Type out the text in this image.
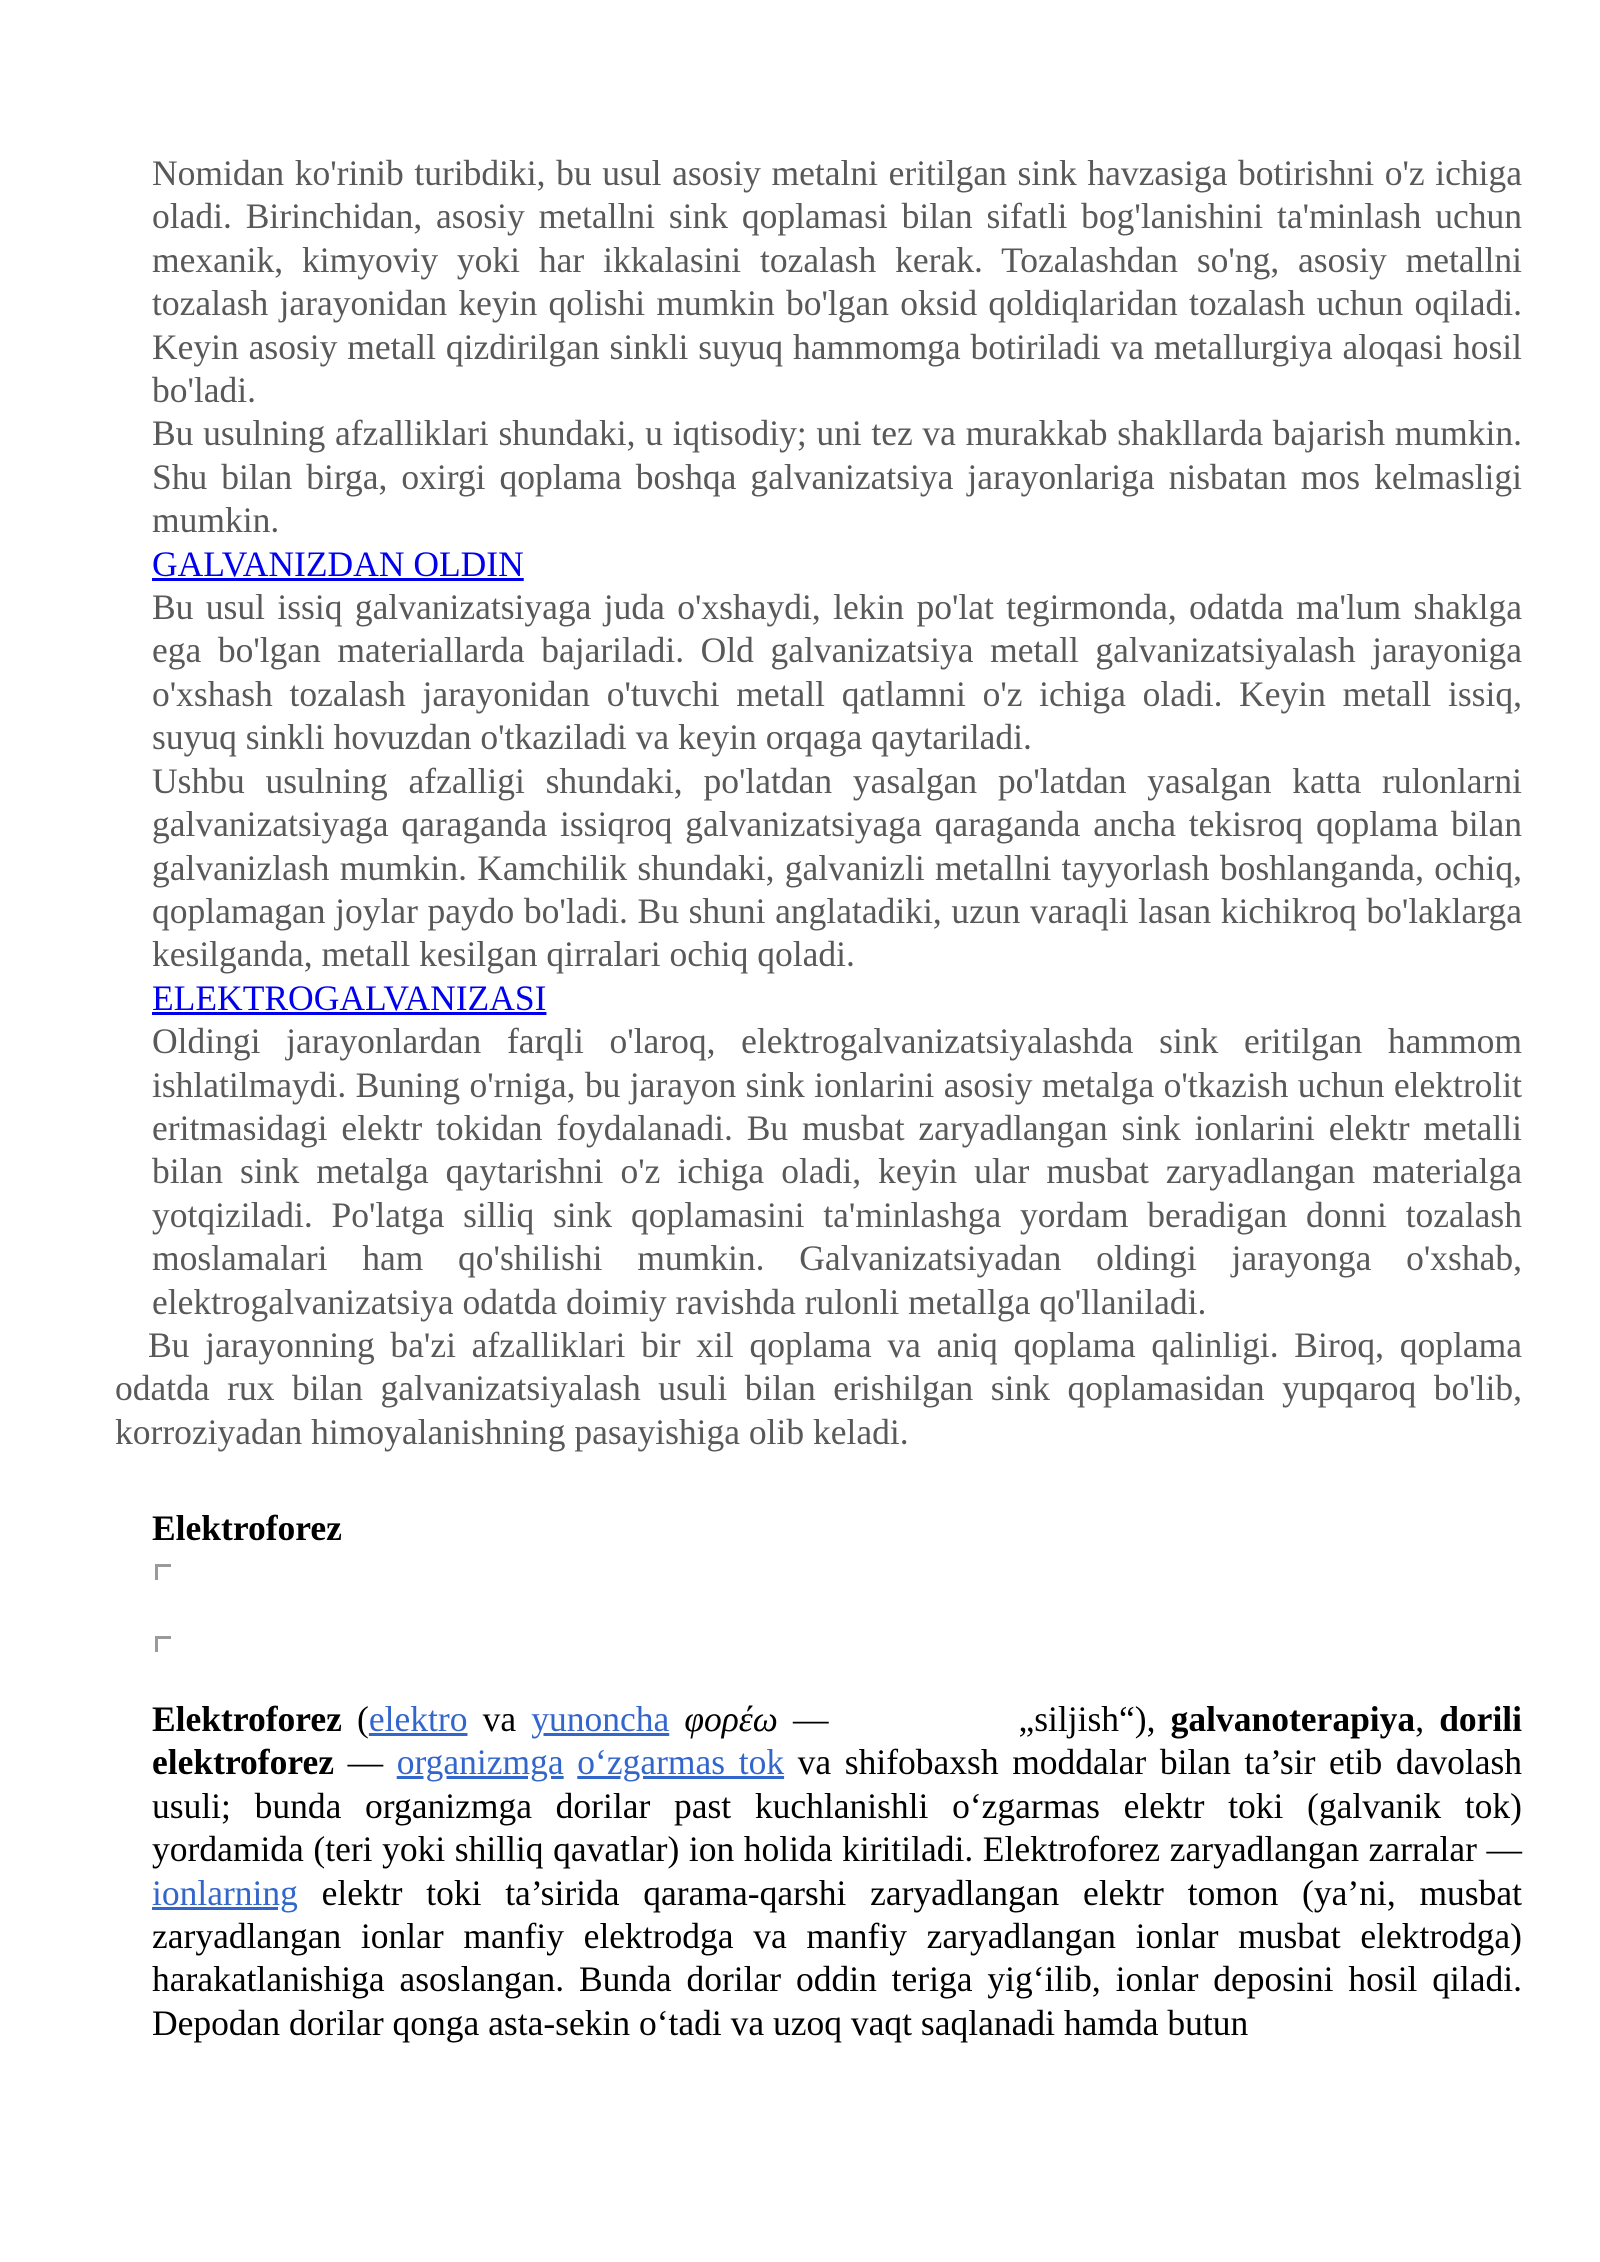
Nomidan ko'rinib turibdiki, bu usul asosiy metalni eritilgan sink havzasiga botirishni o'z ichiga oladi. Birinchidan, asosiy metallni sink qoplamasi bilan sifatli bog'lanishini ta'minlash uchun mexanik, kimyoviy yoki har ikkalasini tozalash kerak. Tozalashdan so'ng, asosiy metallni tozalash jarayonidan keyin qolishi mumkin bo'lgan oksid qoldiqlaridan tozalash uchun oqiladi. Keyin asosiy metall qizdirilgan sinkli suyuq hammomga botiriladi va metallurgiya aloqasi hosil bo'ladi.

Bu usulning afzalliklari shundaki, u iqtisodiy; uni tez va murakkab shakllarda bajarish mumkin. Shu bilan birga, oxirgi qoplama boshqa galvanizatsiya jarayonlariga nisbatan mos kelmasligi mumkin.

GALVANIZDAN OLDIN

Bu usul issiq galvanizatsiyaga juda o'xshaydi, lekin po'lat tegirmonda, odatda ma'lum shaklga ega bo'lgan materiallarda bajariladi. Old galvanizatsiya metall galvanizatsiyalash jarayoniga o'xshash tozalash jarayonidan o'tuvchi metall qatlamni o'z ichiga oladi. Keyin metall issiq, suyuq sinkli hovuzdan o'tkaziladi va keyin orqaga qaytariladi.

Ushbu usulning afzalligi shundaki, po'latdan yasalgan po'latdan yasalgan katta rulonlarni galvanizatsiyaga qaraganda issiqroq galvanizatsiyaga qaraganda ancha tekisroq qoplama bilan galvanizlash mumkin. Kamchilik shundaki, galvanizli metallni tayyorlash boshlanganda, ochiq, qoplamagan joylar paydo bo'ladi. Bu shuni anglatadiki, uzun varaqli lasan kichikroq bo'laklarga kesilganda, metall kesilgan qirralari ochiq qoladi.

ELEKTROGALVANIZASI

Oldingi jarayonlardan farqli o'laroq, elektrogalvanizatsiyalashda sink eritilgan hammom ishlatilmaydi. Buning o'rniga, bu jarayon sink ionlarini asosiy metalga o'tkazish uchun elektrolit eritmasidagi elektr tokidan foydalanadi. Bu musbat zaryadlangan sink ionlarini elektr metalli bilan sink metalga qaytarishni o'z ichiga oladi, keyin ular musbat zaryadlangan materialga yotqiziladi. Po'latga silliq sink qoplamasini ta'minlashga yordam beradigan donni tozalash moslamalari ham qo'shilishi mumkin. Galvanizatsiyadan oldingi jarayonga o'xshab, elektrogalvanizatsiya odatda doimiy ravishda rulonli metallga qo'llaniladi.

Bu jarayonning ba'zi afzalliklari bir xil qoplama va aniq qoplama qalinligi. Biroq, qoplama odatda rux bilan galvanizatsiyalash usuli bilan erishilgan sink qoplamasidan yupqaroq bo'lib, korroziyadan himoyalanishning pasayishiga olib keladi.

Elektroforez

Elektroforez (elektro va yunoncha φορέω —	„siljish“), galvanoterapiya, dorili elektroforez — organizmga o‘zgarmas tok va shifobaxsh moddalar bilan ta’sir etib davolash usuli; bunda organizmga dorilar past kuchlanishli o‘zgarmas elektr toki (galvanik tok) yordamida (teri yoki shilliq qavatlar) ion holida kiritiladi. Elektroforez zaryadlangan zarralar — ionlarning elektr toki ta’sirida qarama-qarshi zaryadlangan elektr tomon (ya’ni, musbat zaryadlangan ionlar manfiy elektrodga va manfiy zaryadlangan ionlar musbat elektrodga) harakatlanishiga asoslangan. Bunda dorilar oddin teriga yig‘ilib, ionlar deposini hosil qiladi. Depodan dorilar qonga asta-sekin o‘tadi va uzoq vaqt saqlanadi hamda butun
